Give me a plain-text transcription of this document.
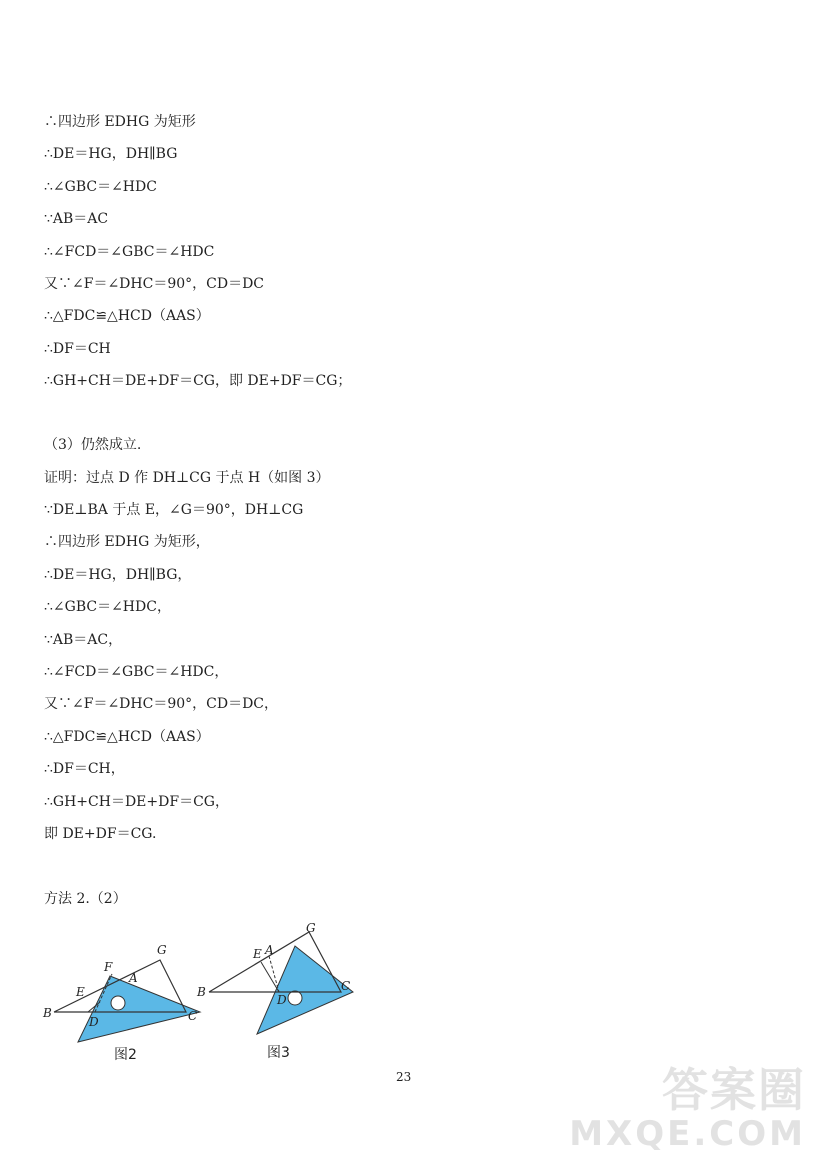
∴四边形 EDHG 为矩形
∴DE＝HG，DH∥BG
∴∠GBC＝∠HDC
∵AB＝AC
∴∠FCD＝∠GBC＝∠HDC
又∵∠F＝∠DHC＝90°，CD＝DC
∴△FDC≌△HCD（AAS）
∴DF＝CH
∴GH+CH＝DE+DF＝CG，即 DE+DF＝CG；
（3）仍然成立.
证明：过点 D 作 DH⊥CG 于点 H（如图 3）
∵DE⊥BA 于点 E，∠G＝90°，DH⊥CG
∴四边形 EDHG 为矩形，
∴DE＝HG，DH∥BG，
∴∠GBC＝∠HDC，
∵AB＝AC，
∴∠FCD＝∠GBC＝∠HDC，
又∵∠F＝∠DHC＝90°，CD＝DC，
∴△FDC≌△HCD（AAS）
∴DF＝CH，
∴GH+CH＝DE+DF＝CG，
即 DE+DF＝CG.
方法 2.（2）
G
F
A
E
B
D	C
图2
G
E A
B
D
C
图3
23	答案圈
MXQE.COM
